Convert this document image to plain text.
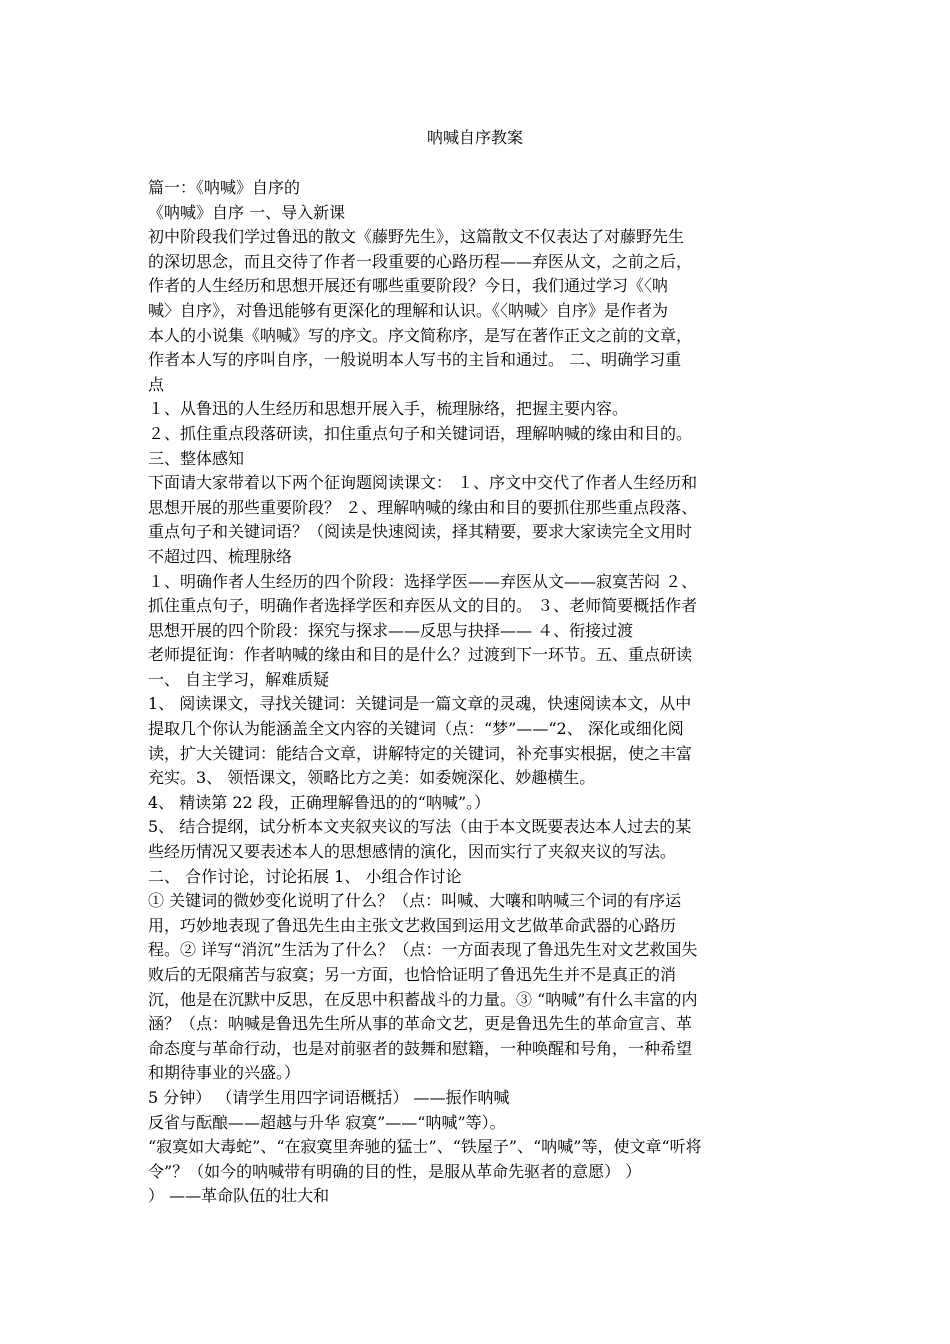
呐喊自序教案
篇一：《呐喊》自序的
《呐喊》自序 一、导入新课
初中阶段我们学过鲁迅的散文《藤野先生》，这篇散文不仅表达了对藤野先生
的深切思念，而且交待了作者一段重要的心路历程——弃医从文，之前之后，
作者的人生经历和思想开展还有哪些重要阶段？今日，我们通过学习《〈呐
喊〉自序》，对鲁迅能够有更深化的理解和认识。《〈呐喊〉自序》是作者为
本人的小说集《呐喊》写的序文。序文简称序，是写在著作正文之前的文章，
作者本人写的序叫自序，一般说明本人写书的主旨和通过。 二、明确学习重
点
１、从鲁迅的人生经历和思想开展入手，梳理脉络，把握主要内容。
２、抓住重点段落研读，扣住重点句子和关键词语，理解呐喊的缘由和目的。
三、整体感知
下面请大家带着以下两个征询题阅读课文： １、序文中交代了作者人生经历和
思想开展的那些重要阶段？ ２、理解呐喊的缘由和目的要抓住那些重点段落、
重点句子和关键词语？（阅读是快速阅读，择其精要，要求大家读完全文用时
不超过四、梳理脉络
１、明确作者人生经历的四个阶段：选择学医——弃医从文——寂寞苦闷 ２、
抓住重点句子，明确作者选择学医和弃医从文的目的。 ３、老师简要概括作者
思想开展的四个阶段：探究与探求——反思与抉择—— ４、衔接过渡
老师提征询：作者呐喊的缘由和目的是什么？过渡到下一环节。五、重点研读
一、 自主学习，解难质疑
1、 阅读课文，寻找关键词：关键词是一篇文章的灵魂，快速阅读本文，从中
提取几个你认为能涵盖全文内容的关键词（点：“梦”——“2、 深化或细化阅
读，扩大关键词：能结合文章，讲解特定的关键词，补充事实根据，使之丰富
充实。3、 领悟课文，领略比方之美：如委婉深化、妙趣横生。
4、 精读第 22 段，正确理解鲁迅的的“呐喊”。）
5、 结合提纲，试分析本文夹叙夹议的写法（由于本文既要表达本人过去的某
些经历情况又要表述本人的思想感情的演化，因而实行了夹叙夹议的写法。
二、 合作讨论，讨论拓展 1、 小组合作讨论
① 关键词的微妙变化说明了什么？（点：叫喊、大嚷和呐喊三个词的有序运
用，巧妙地表现了鲁迅先生由主张文艺救国到运用文艺做革命武器的心路历
程。② 详写“消沉”生活为了什么？（点：一方面表现了鲁迅先生对文艺救国失
败后的无限痛苦与寂寞；另一方面，也恰恰证明了鲁迅先生并不是真正的消
沉，他是在沉默中反思，在反思中积蓄战斗的力量。③ “呐喊”有什么丰富的内
涵？（点：呐喊是鲁迅先生所从事的革命文艺，更是鲁迅先生的革命宣言、革
命态度与革命行动，也是对前驱者的鼓舞和慰籍，一种唤醒和号角，一种希望
和期待事业的兴盛。）
5 分钟） （请学生用四字词语概括） ——振作呐喊
反省与酝酿——超越与升华 寂寞”——“呐喊”等）。
“寂寞如大毒蛇”、“在寂寞里奔驰的猛士”、“铁屋子”、“呐喊”等，使文章“听将
令”？（如今的呐喊带有明确的目的性，是服从革命先驱者的意愿） ）
） ——革命队伍的壮大和
